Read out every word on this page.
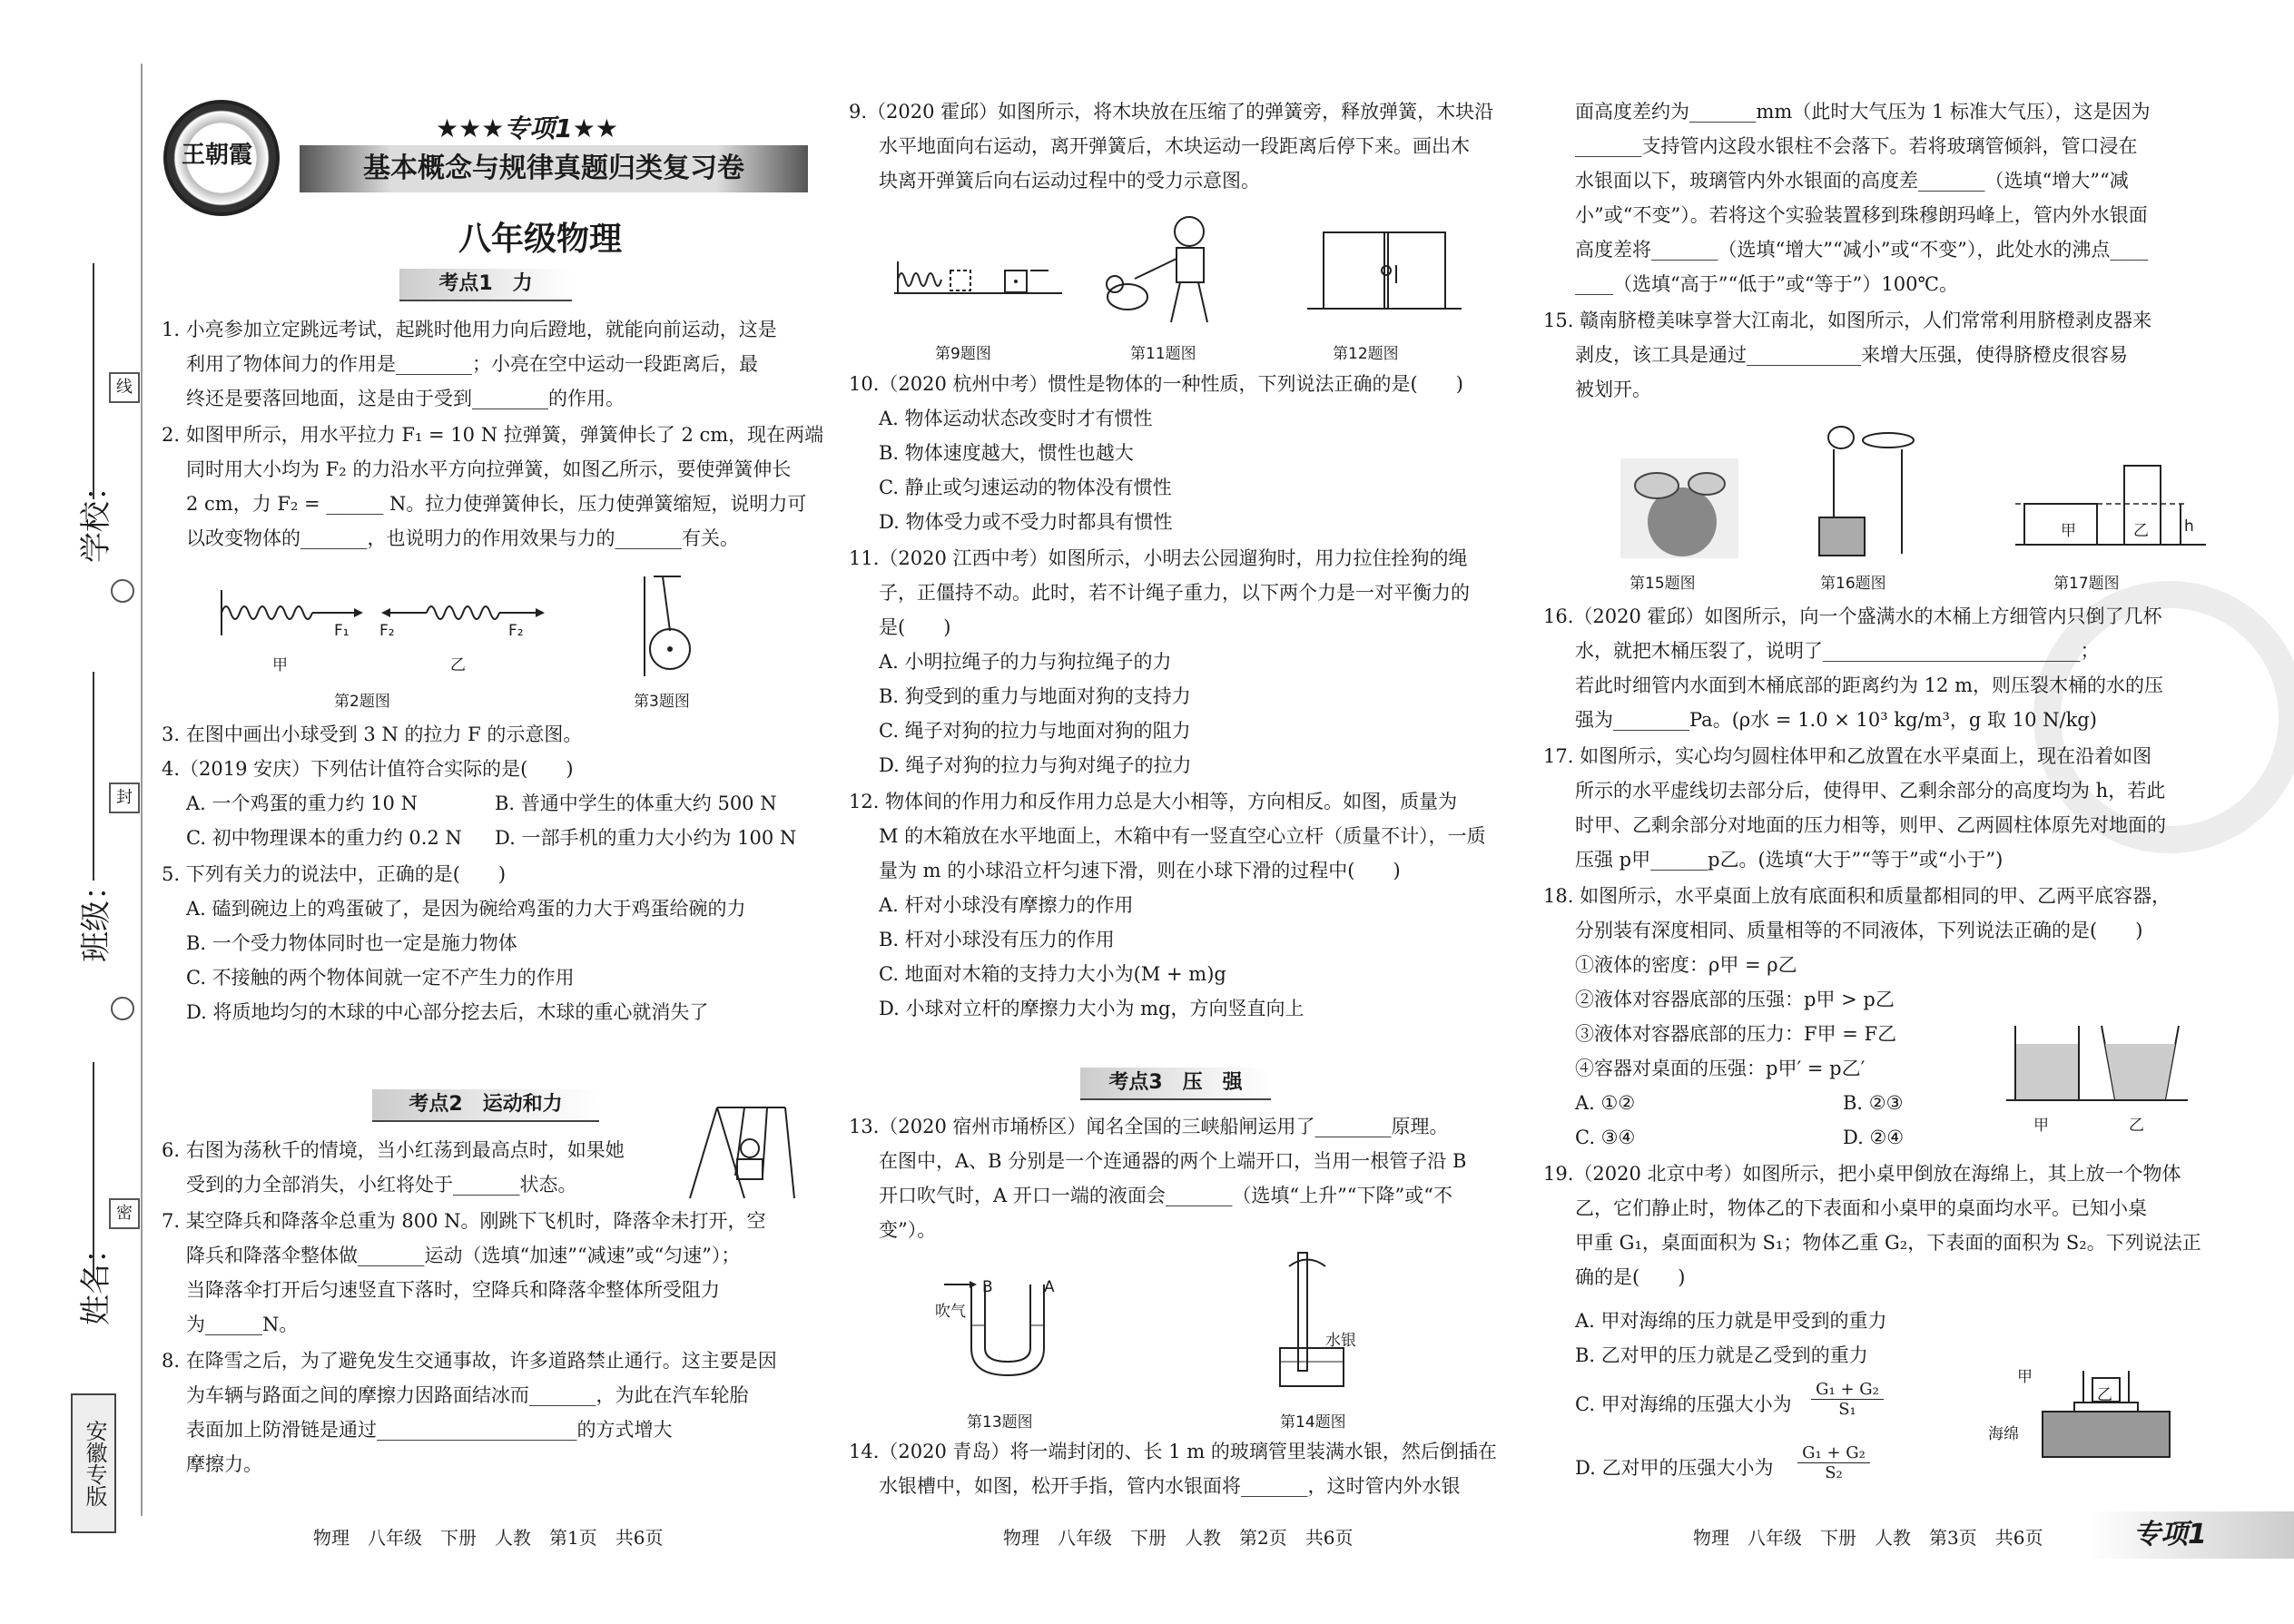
学校：
班级：
姓名：
线
封
密
安徽专版
王朝霞
★★★专项1★★
基本概念与规律真题归类复习卷
八年级物理
考点1　力
1. 小亮参加立定跳远考试，起跳时他用力向后蹬地，就能向前运动，这是
利用了物体间力的作用是________；小亮在空中运动一段距离后，最
终还是要落回地面，这是由于受到________的作用。
2. 如图甲所示，用水平拉力 F₁ = 10 N 拉弹簧，弹簧伸长了 2 cm，现在两端
同时用大小均为 F₂ 的力沿水平方向拉弹簧，如图乙所示，要使弹簧伸长
2 cm，力 F₂ = ______ N。拉力使弹簧伸长，压力使弹簧缩短，说明力可
以改变物体的_______，也说明力的作用效果与力的_______有关。
F₁ F₂	F₂
甲	乙
第2题图	第3题图
3. 在图中画出小球受到 3 N 的拉力 F 的示意图。
4.（2019 安庆）下列估计值符合实际的是(　　)
A. 一个鸡蛋的重力约 10 N	B. 普通中学生的体重大约 500 N
C. 初中物理课本的重力约 0.2 N D. 一部手机的重力大小约为 100 N
5. 下列有关力的说法中，正确的是(　　)
A. 磕到碗边上的鸡蛋破了，是因为碗给鸡蛋的力大于鸡蛋给碗的力
B. 一个受力物体同时也一定是施力物体
C. 不接触的两个物体间就一定不产生力的作用
D. 将质地均匀的木球的中心部分挖去后，木球的重心就消失了
考点2　运动和力
6. 右图为荡秋千的情境，当小红荡到最高点时，如果她
受到的力全部消失，小红将处于_______状态。
7. 某空降兵和降落伞总重为 800 N。刚跳下飞机时，降落伞未打开，空
降兵和降落伞整体做_______运动（选填“加速”“减速”或“匀速”）；
当降落伞打开后匀速竖直下落时，空降兵和降落伞整体所受阻力
为______N。
8. 在降雪之后，为了避免发生交通事故，许多道路禁止通行。这主要是因
为车辆与路面之间的摩擦力因路面结冰而_______，为此在汽车轮胎
表面加上防滑链是通过_____________________的方式增大
摩擦力。
物理　八年级　下册　人教　第1页　共6页
9.（2020 霍邱）如图所示，将木块放在压缩了的弹簧旁，释放弹簧，木块沿
水平地面向右运动，离开弹簧后，木块运动一段距离后停下来。画出木
块离开弹簧后向右运动过程中的受力示意图。
第9题图	第11题图	第12题图
10.（2020 杭州中考）惯性是物体的一种性质，下列说法正确的是(　　)
A. 物体运动状态改变时才有惯性
B. 物体速度越大，惯性也越大
C. 静止或匀速运动的物体没有惯性
D. 物体受力或不受力时都具有惯性
11.（2020 江西中考）如图所示，小明去公园遛狗时，用力拉住拴狗的绳
子，正僵持不动。此时，若不计绳子重力，以下两个力是一对平衡力的
是(　　)
A. 小明拉绳子的力与狗拉绳子的力
B. 狗受到的重力与地面对狗的支持力
C. 绳子对狗的拉力与地面对狗的阻力
D. 绳子对狗的拉力与狗对绳子的拉力
12. 物体间的作用力和反作用力总是大小相等，方向相反。如图，质量为
M 的木箱放在水平地面上，木箱中有一竖直空心立杆（质量不计），一质
量为 m 的小球沿立杆匀速下滑，则在小球下滑的过程中(　　)
A. 杆对小球没有摩擦力的作用
B. 杆对小球没有压力的作用
C. 地面对木箱的支持力大小为(M + m)g
D. 小球对立杆的摩擦力大小为 mg，方向竖直向上
考点3　压　强
13.（2020 宿州市埇桥区）闻名全国的三峡船闸运用了________原理。
在图中，A、B 分别是一个连通器的两个上端开口，当用一根管子沿 B
开口吹气时，A 开口一端的液面会_______（选填“上升”“下降”或“不
变”）。
吹气
B	A
第13题图
水银
第14题图
14.（2020 青岛）将一端封闭的、长 1 m 的玻璃管里装满水银，然后倒插在
水银槽中，如图，松开手指，管内水银面将_______，这时管内外水银
物理　八年级　下册　人教　第2页　共6页
面高度差约为_______mm（此时大气压为 1 标准大气压），这是因为
_______支持管内这段水银柱不会落下。若将玻璃管倾斜，管口浸在
水银面以下，玻璃管内外水银面的高度差_______（选填“增大”“减
小”或“不变”）。若将这个实验装置移到珠穆朗玛峰上，管内外水银面
高度差将_______（选填“增大”“减小”或“不变”），此处水的沸点____
____（选填“高于”“低于”或“等于”）100℃。
15. 赣南脐橙美味享誉大江南北，如图所示，人们常常利用脐橙剥皮器来
剥皮，该工具是通过____________来增大压强，使得脐橙皮很容易
被划开。
第15题图	第16题图
甲	乙 h
第17题图
16.（2020 霍邱）如图所示，向一个盛满水的木桶上方细管内只倒了几杯
水，就把木桶压裂了，说明了___________________________；
若此时细管内水面到木桶底部的距离约为 12 m，则压裂木桶的水的压
强为________Pa。(ρ水 = 1.0 × 10³ kg/m³，g 取 10 N/kg)
17. 如图所示，实心均匀圆柱体甲和乙放置在水平桌面上，现在沿着如图
所示的水平虚线切去部分后，使得甲、乙剩余部分的高度均为 h，若此
时甲、乙剩余部分对地面的压力相等，则甲、乙两圆柱体原先对地面的
压强 p甲______p乙。(选填“大于”“等于”或“小于”)
18. 如图所示，水平桌面上放有底面积和质量都相同的甲、乙两平底容器，
分别装有深度相同、质量相等的不同液体，下列说法正确的是(　　)
①液体的密度：ρ甲 = ρ乙
②液体对容器底部的压强：p甲 > p乙
③液体对容器底部的压力：F甲 = F乙
④容器对桌面的压强：p甲′ = p乙′
A. ①②	B. ②③
C. ③④	D. ②④
甲	乙
19.（2020 北京中考）如图所示，把小桌甲倒放在海绵上，其上放一个物体
乙，它们静止时，物体乙的下表面和小桌甲的桌面均水平。已知小桌
甲重 G₁，桌面面积为 S₁；物体乙重 G₂，下表面的面积为 S₂。下列说法正
确的是(　　)
A. 甲对海绵的压力就是甲受到的重力
B. 乙对甲的压力就是乙受到的重力
C. 甲对海绵的压强大小为
D. 乙对甲的压强大小为
$\frac{\text{G₁ + G₂}}{\text{S₁}}$
$\frac{\text{G₁ + G₂}}{\text{S₂}}$
甲
乙
海绵
物理　八年级　下册　人教　第3页　共6页	专项1
